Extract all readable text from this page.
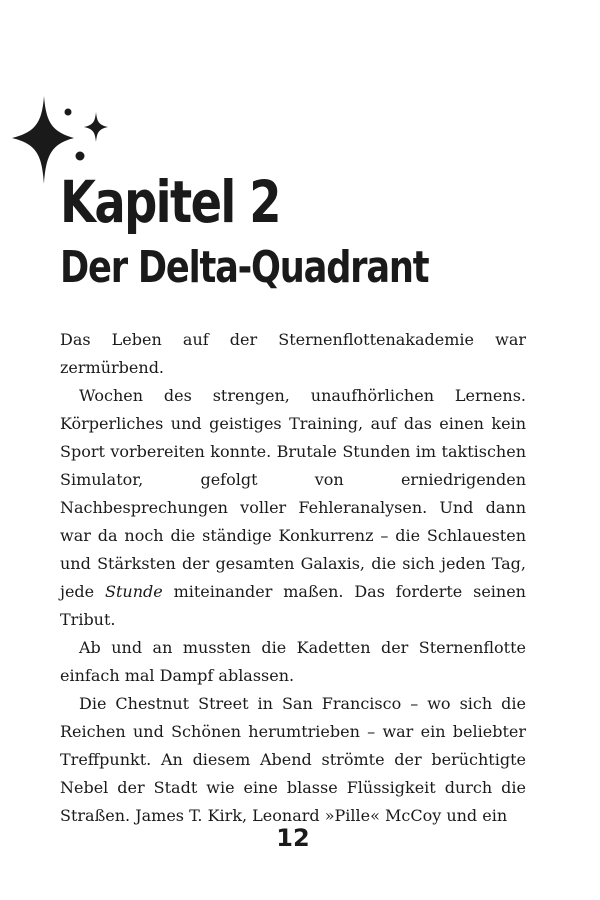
Kapitel 2
Der Delta-Quadrant

Das Leben auf der Sternenflottenakademie war zermürbend.

Wochen des strengen, unaufhörlichen Lernens. Körperliches und geistiges Training, auf das einen kein Sport vorbereiten konnte. Brutale Stunden im taktischen Simulator, gefolgt von erniedrigenden Nachbesprechungen voller Fehleranalysen. Und dann war da noch die ständige Konkurrenz – die Schlauesten und Stärksten der gesamten Galaxis, die sich jeden Tag, jede Stunde miteinander maßen. Das forderte seinen Tribut.

Ab und an mussten die Kadetten der Sternenflotte einfach mal Dampf ablassen.

Die Chestnut Street in San Francisco – wo sich die Reichen und Schönen herumtrieben – war ein beliebter Treffpunkt. An diesem Abend strömte der berüchtigte Nebel der Stadt wie eine blasse Flüssigkeit durch die Straßen. James T. Kirk, Leonard »Pille« McCoy und ein

12
